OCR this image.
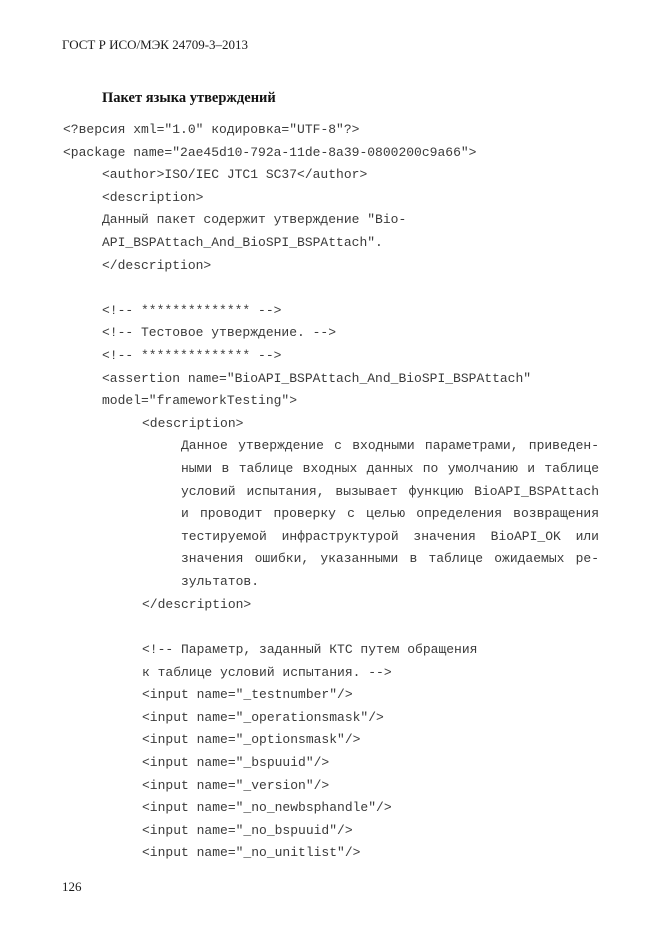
ГОСТ Р ИСО/МЭК 24709-3–2013
Пакет языка утверждений
<?версия xml="1.0" кодировка="UTF-8"?>
<package name="2ae45d10-792a-11de-8a39-0800200c9a66">
<author>ISO/IEC JTC1 SC37</author>
<description>
Данный пакет содержит утверждение "Bio-
API_BSPAttach_And_BioSPI_BSPAttach".
</description>
<!-- ************** -->
<!-- Тестовое утверждение. -->
<!-- ************** -->
<assertion name="BioAPI_BSPAttach_And_BioSPI_BSPAttach"
model="frameworkTesting">
<description>
Данное утверждение с входными параметрами, приведен-
ными в таблице входных данных по умолчанию и таблице
условий испытания, вызывает функцию BioAPI_BSPAttach
и проводит проверку с целью определения возвращения
тестируемой инфраструктурой значения BioAPI_OK или
значения ошибки, указанными в таблице ожидаемых ре-
зультатов.
</description>
<!-- Параметр, заданный КТС путем обращения
к таблице условий испытания. -->
<input name="_testnumber"/>
<input name="_operationsmask"/>
<input name="_optionsmask"/>
<input name="_bspuuid"/>
<input name="_version"/>
<input name="_no_newbsphandle"/>
<input name="_no_bspuuid"/>
<input name="_no_unitlist"/>
126
